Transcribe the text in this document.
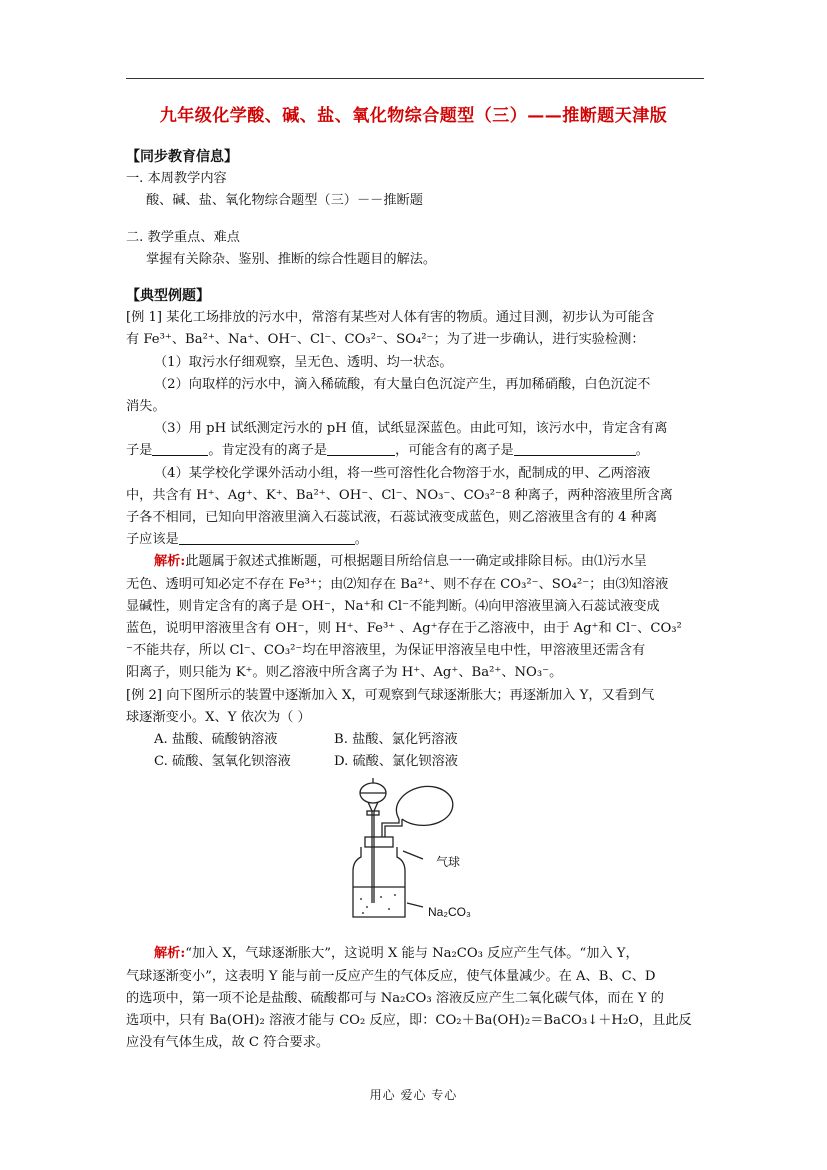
九年级化学酸、碱、盐、氧化物综合题型（三）——推断题天津版

【同步教育信息】

一. 本周教学内容

酸、碱、盐、氧化物综合题型（三）－－推断题

二. 教学重点、难点

掌握有关除杂、鉴别、推断的综合性题目的解法。

【典型例题】

[例 1] 某化工场排放的污水中，常溶有某些对人体有害的物质。通过目测，初步认为可能含

有 Fe³⁺、Ba²⁺、Na⁺、OH⁻、Cl⁻、CO₃²⁻、SO₄²⁻；为了进一步确认，进行实验检测：

（1）取污水仔细观察，呈无色、透明、均一状态。

（2）向取样的污水中，滴入稀硫酸，有大量白色沉淀产生，再加稀硝酸，白色沉淀不

消失。

（3）用 pH 试纸测定污水的 pH 值，试纸显深蓝色。由此可知，该污水中，肯定含有离

子是	。肯定没有的离子是	，可能含有的离子是	。

（4）某学校化学课外活动小组，将一些可溶性化合物溶于水，配制成的甲、乙两溶液

中，共含有 H⁺、Ag⁺、K⁺、Ba²⁺、OH⁻、Cl⁻、NO₃⁻、CO₃²⁻8 种离子，两种溶液里所含离

子各不相同，已知向甲溶液里滴入石蕊试液，石蕊试液变成蓝色，则乙溶液里含有的 4 种离

子应该是	。

解析:此题属于叙述式推断题，可根据题目所给信息一一确定或排除目标。由⑴污水呈

无色、透明可知必定不存在 Fe³⁺；由⑵知存在 Ba²⁺、则不存在 CO₃²⁻、SO₄²⁻；由⑶知溶液

显碱性，则肯定含有的离子是 OH⁻，Na⁺和 Cl⁻不能判断。⑷向甲溶液里滴入石蕊试液变成

蓝色，说明甲溶液里含有 OH⁻，则 H⁺、Fe³⁺ 、Ag⁺存在于乙溶液中，由于 Ag⁺和 Cl⁻、CO₃²

⁻不能共存，所以 Cl⁻、CO₃²⁻均在甲溶液里，为保证甲溶液呈电中性，甲溶液里还需含有

阳离子，则只能为 K⁺。则乙溶液中所含离子为 H⁺、Ag⁺、Ba²⁺、NO₃⁻。

[例 2] 向下图所示的装置中逐渐加入 X，可观察到气球逐渐胀大；再逐渐加入 Y，又看到气

球逐渐变小。X、Y 依次为（ ）

A. 盐酸、硫酸钠溶液	B. 盐酸、氯化钙溶液
C. 硫酸、氢氧化钡溶液	D. 硫酸、氯化钡溶液
气球
Na₂CO₃

解析:“加入 X，气球逐渐胀大”，这说明 X 能与 Na₂CO₃ 反应产生气体。“加入 Y，

气球逐渐变小”，这表明 Y 能与前一反应产生的气体反应，使气体量减少。在 A、B、C、D

的选项中，第一项不论是盐酸、硫酸都可与 Na₂CO₃ 溶液反应产生二氧化碳气体，而在 Y 的

选项中，只有 Ba(OH)₂ 溶液才能与 CO₂ 反应，即：CO₂＋Ba(OH)₂＝BaCO₃↓＋H₂O，且此反

应没有气体生成，故 C 符合要求。

用心 爱心 专心
